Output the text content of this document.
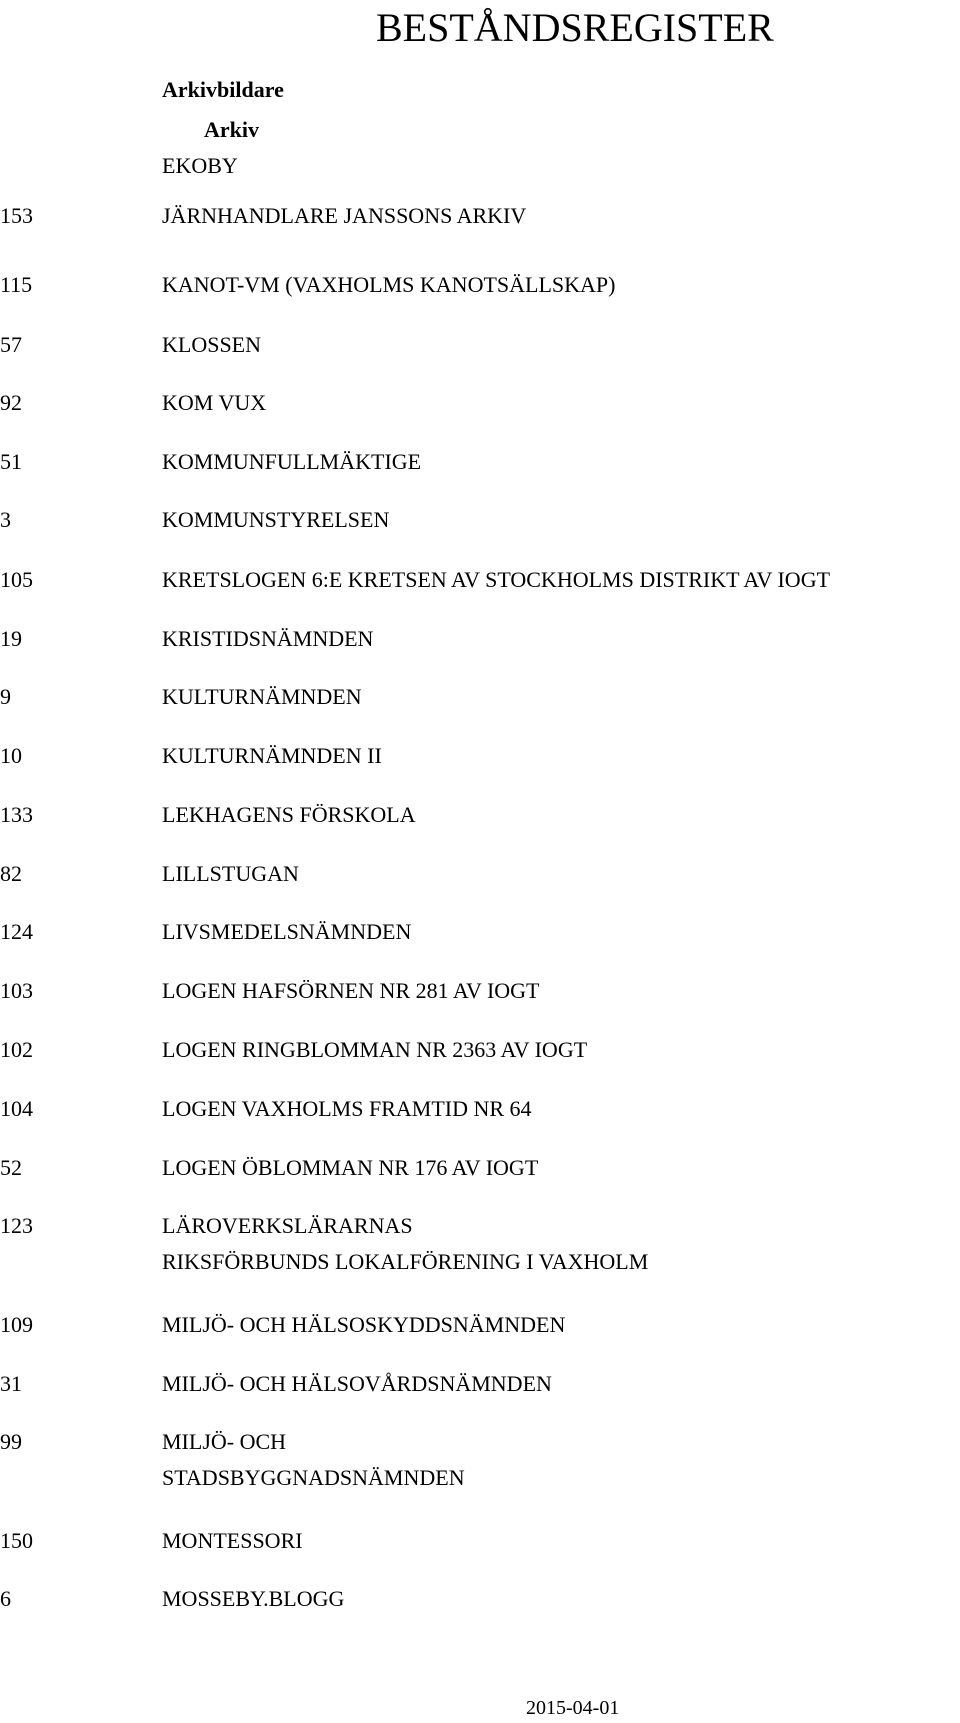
BESTÅNDSREGISTER
Arkivbildare
Arkiv
EKOBY
153	JÄRNHANDLARE JANSSONS ARKIV
115	KANOT-VM (VAXHOLMS KANOTSÄLLSKAP)
57	KLOSSEN
92	KOM VUX
51	KOMMUNFULLMÄKTIGE
3	KOMMUNSTYRELSEN
105	KRETSLOGEN 6:E KRETSEN AV STOCKHOLMS DISTRIKT AV IOGT
19	KRISTIDSNÄMNDEN
9	KULTURNÄMNDEN
10	KULTURNÄMNDEN II
133	LEKHAGENS FÖRSKOLA
82	LILLSTUGAN
124	LIVSMEDELSNÄMNDEN
103	LOGEN HAFSÖRNEN NR 281 AV IOGT
102	LOGEN RINGBLOMMAN NR 2363 AV IOGT
104	LOGEN VAXHOLMS FRAMTID NR 64
52	LOGEN ÖBLOMMAN NR 176 AV IOGT
123	LÄROVERKSLÄRARNAS
RIKSFÖRBUNDS LOKALFÖRENING I VAXHOLM
109	MILJÖ- OCH HÄLSOSKYDDSNÄMNDEN
31	MILJÖ- OCH HÄLSOVÅRDSNÄMNDEN
99	MILJÖ- OCH
STADSBYGGNADSNÄMNDEN
150	MONTESSORI
6	MOSSEBY.BLOGG
2015-04-01
